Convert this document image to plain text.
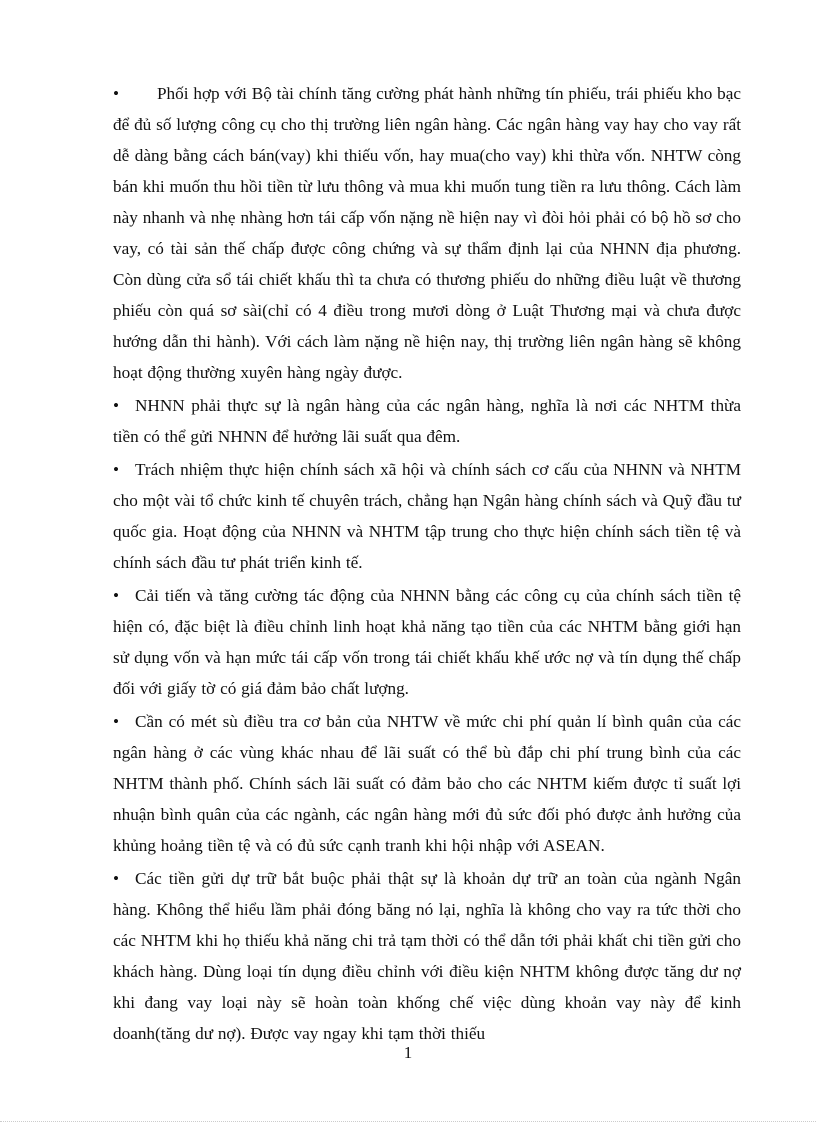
• Phối hợp với Bộ tài chính tăng cường phát hành những tín phiếu, trái phiếu kho bạc để đủ số lượng công cụ cho thị trường liên ngân hàng. Các ngân hàng vay hay cho vay rất dễ dàng bằng cách bán(vay) khi thiếu vốn, hay mua(cho vay) khi thừa vốn. NHTW còng bán khi muốn thu hồi tiền từ lưu thông và mua khi muốn tung tiền ra lưu thông. Cách làm này nhanh và nhẹ nhàng hơn tái cấp vốn nặng nề hiện nay vì đòi hỏi phải có bộ hồ sơ cho vay, có tài sản thế chấp được công chứng và sự thẩm định lại của NHNN địa phương. Còn dùng cửa sổ tái chiết khấu thì ta chưa có thương phiếu do những điều luật về thương phiếu còn quá sơ sài(chỉ có 4 điều trong mươi dòng ở Luật Thương mại và chưa được hướng dẫn thi hành). Với cách làm nặng nề hiện nay, thị trường liên ngân hàng sẽ không hoạt động thường xuyên hàng ngày được.

• NHNN phải thực sự là ngân hàng của các ngân hàng, nghĩa là nơi các NHTM thừa tiền có thể gửi NHNN để hưởng lãi suất qua đêm.

• Trách nhiệm thực hiện chính sách xã hội và chính sách cơ cấu của NHNN và NHTM cho một vài tổ chức kinh tế chuyên trách, chẳng hạn Ngân hàng chính sách và Quỹ đầu tư quốc gia. Hoạt động của NHNN và NHTM tập trung cho thực hiện chính sách tiền tệ và chính sách đầu tư phát triển kinh tế.

• Cải tiến và tăng cường tác động của NHNN bằng các công cụ của chính sách tiền tệ hiện có, đặc biệt là điều chỉnh linh hoạt khả năng tạo tiền của các NHTM bằng giới hạn sử dụng vốn và hạn mức tái cấp vốn trong tái chiết khấu khế ước nợ và tín dụng thế chấp đối với giấy tờ có giá đảm bảo chất lượng.

• Cần có mét sù điều tra cơ bản của NHTW về mức chi phí quản lí bình quân của các ngân hàng ở các vùng khác nhau để lãi suất có thể bù đắp chi phí trung bình của các NHTM thành phố. Chính sách lãi suất có đảm bảo cho các NHTM kiếm được tỉ suất lợi nhuận bình quân của các ngành, các ngân hàng mới đủ sức đối phó được ảnh hưởng của khủng hoảng tiền tệ và có đủ sức cạnh tranh khi hội nhập với ASEAN.

• Các tiền gửi dự trữ bắt buộc phải thật sự là khoản dự trữ an toàn của ngành Ngân hàng. Không thể hiểu lầm phải đóng băng nó lại, nghĩa là không cho vay ra tức thời cho các NHTM khi họ thiếu khả năng chi trả tạm thời có thể dẫn tới phải khất chi tiền gửi cho khách hàng. Dùng loại tín dụng điều chỉnh với điều kiện NHTM không được tăng dư nợ khi đang vay loại này sẽ hoàn toàn khống chế việc dùng khoản vay này để kinh doanh(tăng dư nợ). Được vay ngay khi tạm thời thiếu

1
